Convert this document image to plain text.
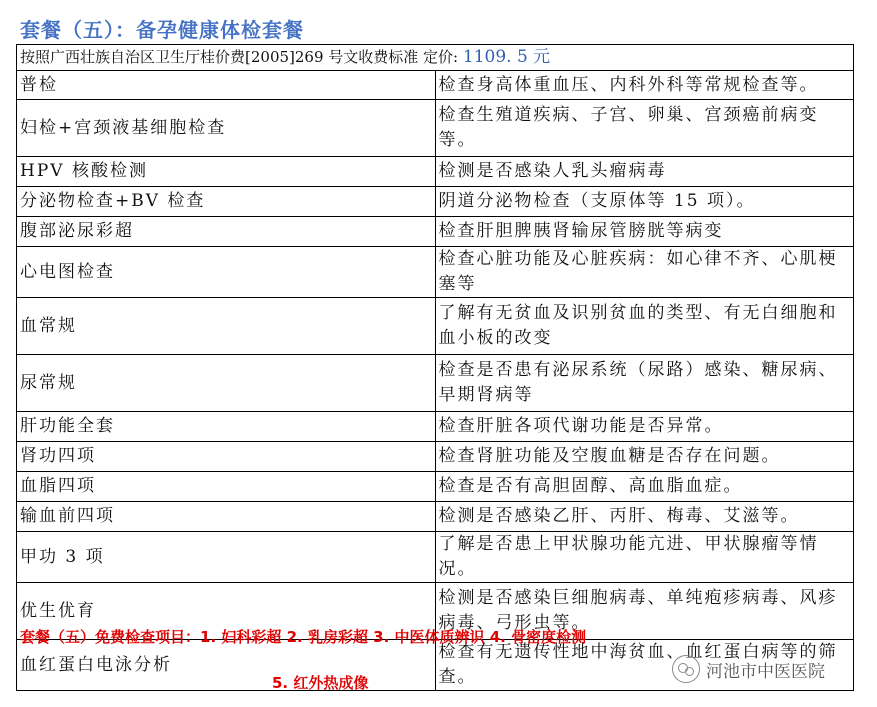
套餐（五）：备孕健康体检套餐
按照广西壮族自治区卫生厅桂价费[2005]269 号文收费标准 定价: 1109. 5 元	
普检	检查身高体重血压、内科外科等常规检查等。
妇检+宫颈液基细胞检查	检查生殖道疾病、子宫、卵巢、宫颈癌前病变等。
HPV 核酸检测	检测是否感染人乳头瘤病毒
分泌物检查+BV 检查	阴道分泌物检查（支原体等 15 项）。
腹部泌尿彩超	检查肝胆脾胰肾输尿管膀胱等病变
心电图检查	检查心脏功能及心脏疾病：如心律不齐、心肌梗塞等
血常规	了解有无贫血及识别贫血的类型、有无白细胞和血小板的改变
尿常规	检查是否患有泌尿系统（尿路）感染、糖尿病、早期肾病等
肝功能全套	检查肝脏各项代谢功能是否异常。
肾功四项	检查肾脏功能及空腹血糖是否存在问题。
血脂四项	检查是否有高胆固醇、高血脂血症。
输血前四项	检测是否感染乙肝、丙肝、梅毒、艾滋等。
甲功 3 项	了解是否患上甲状腺功能亢进、甲状腺瘤等情况。
优生优育	检测是否感染巨细胞病毒、单纯疱疹病毒、风疹病毒、弓形虫等。
血红蛋白电泳分析	检查有无遗传性地中海贫血、血红蛋白病等的筛查。
套餐（五）免费检查项目：1. 妇科彩超 2. 乳房彩超 3. 中医体质辨识 4. 骨密度检测
5. 红外热成像
河池市中医医院
